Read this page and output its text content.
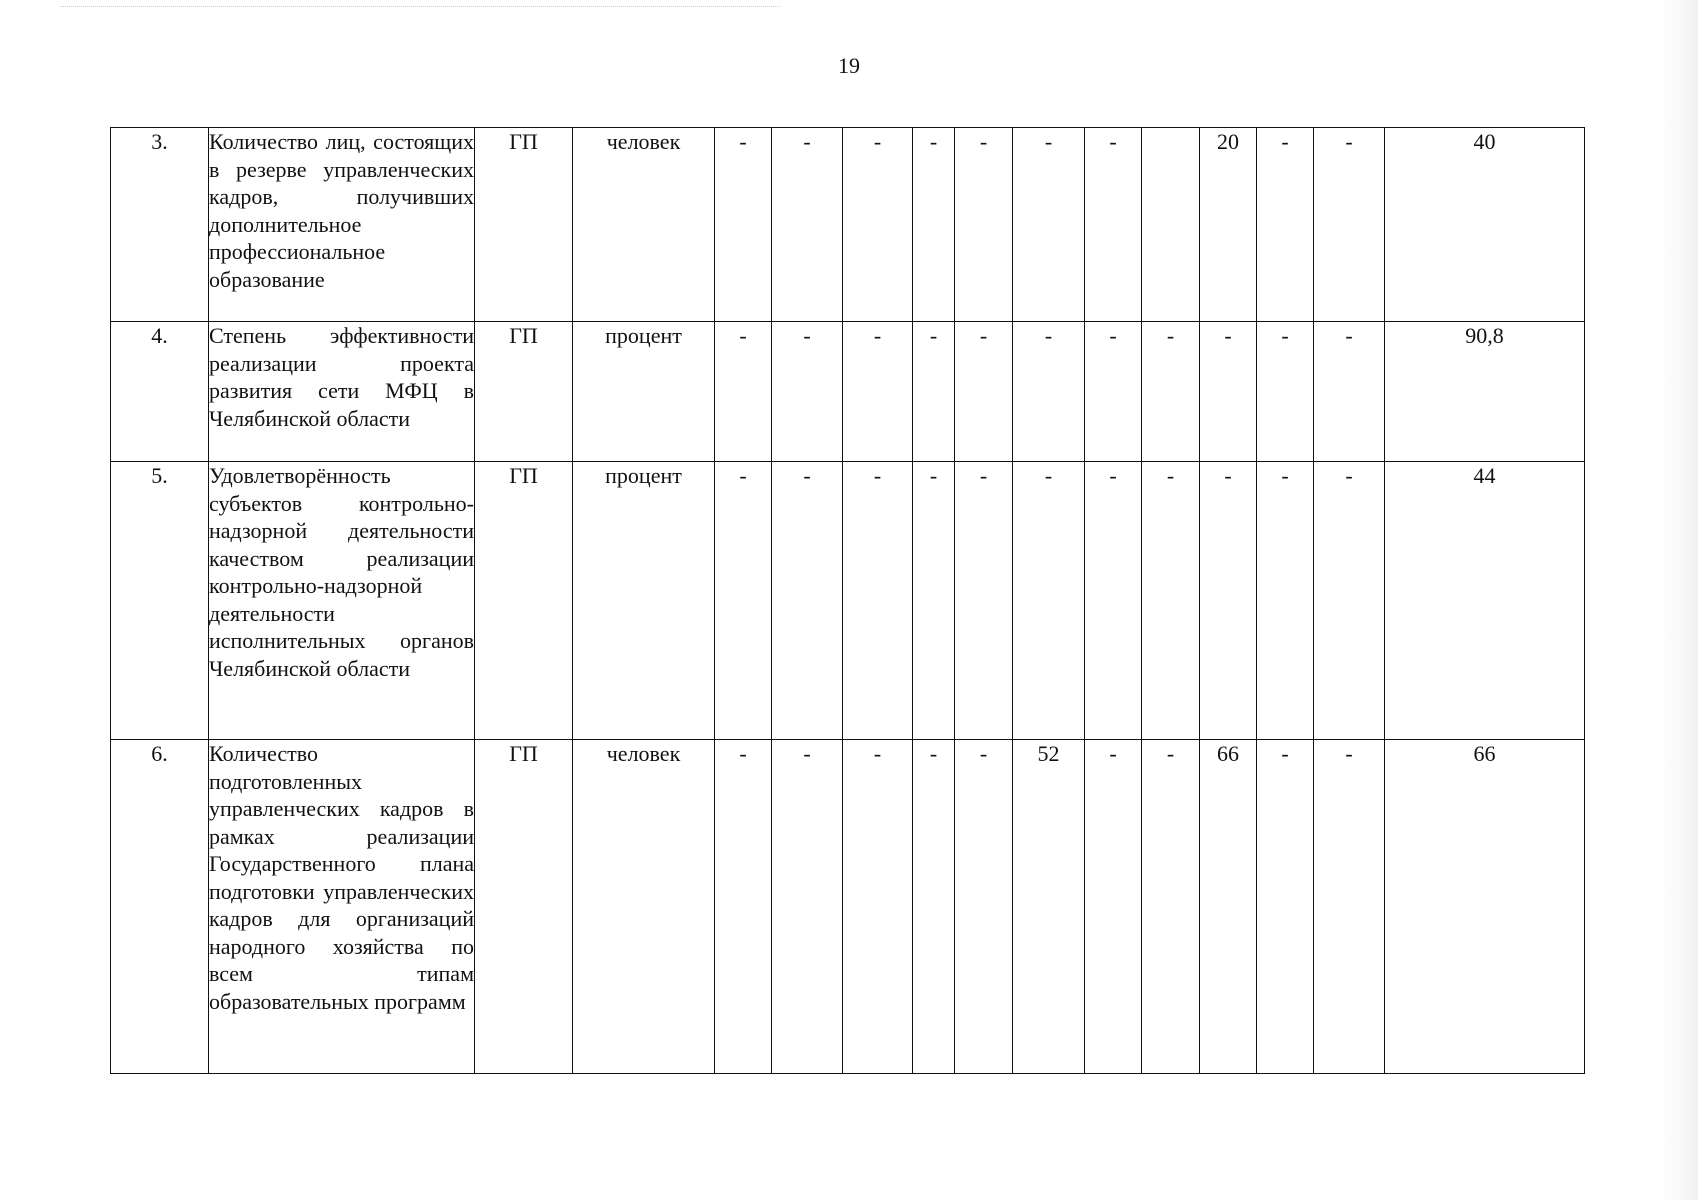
19
3.	Количество лиц, состоящих в резерве управленческих кадров, получивших дополнительное профессиональное образование	ГП	человек	-	-	-	-	-	-	-		20	-	-	40
4.	Степень эффективности реализации проекта развития сети МФЦ в Челябинской области	ГП	процент	-	-	-	-	-	-	-	-	-	-	-	90,8
5.	Удовлетворённость субъектов контрольно-надзорной деятельности качеством реализации контрольно-надзорной деятельности исполнительных органов Челябинской области	ГП	процент	-	-	-	-	-	-	-	-	-	-	-	44
6.	Количество подготовленных управленческих кадров в рамках реализации Государственного плана подготовки управленческих кадров для организаций народного хозяйства по всем типам образовательных программ	ГП	человек	-	-	-	-	-	52	-	-	66	-	-	66
